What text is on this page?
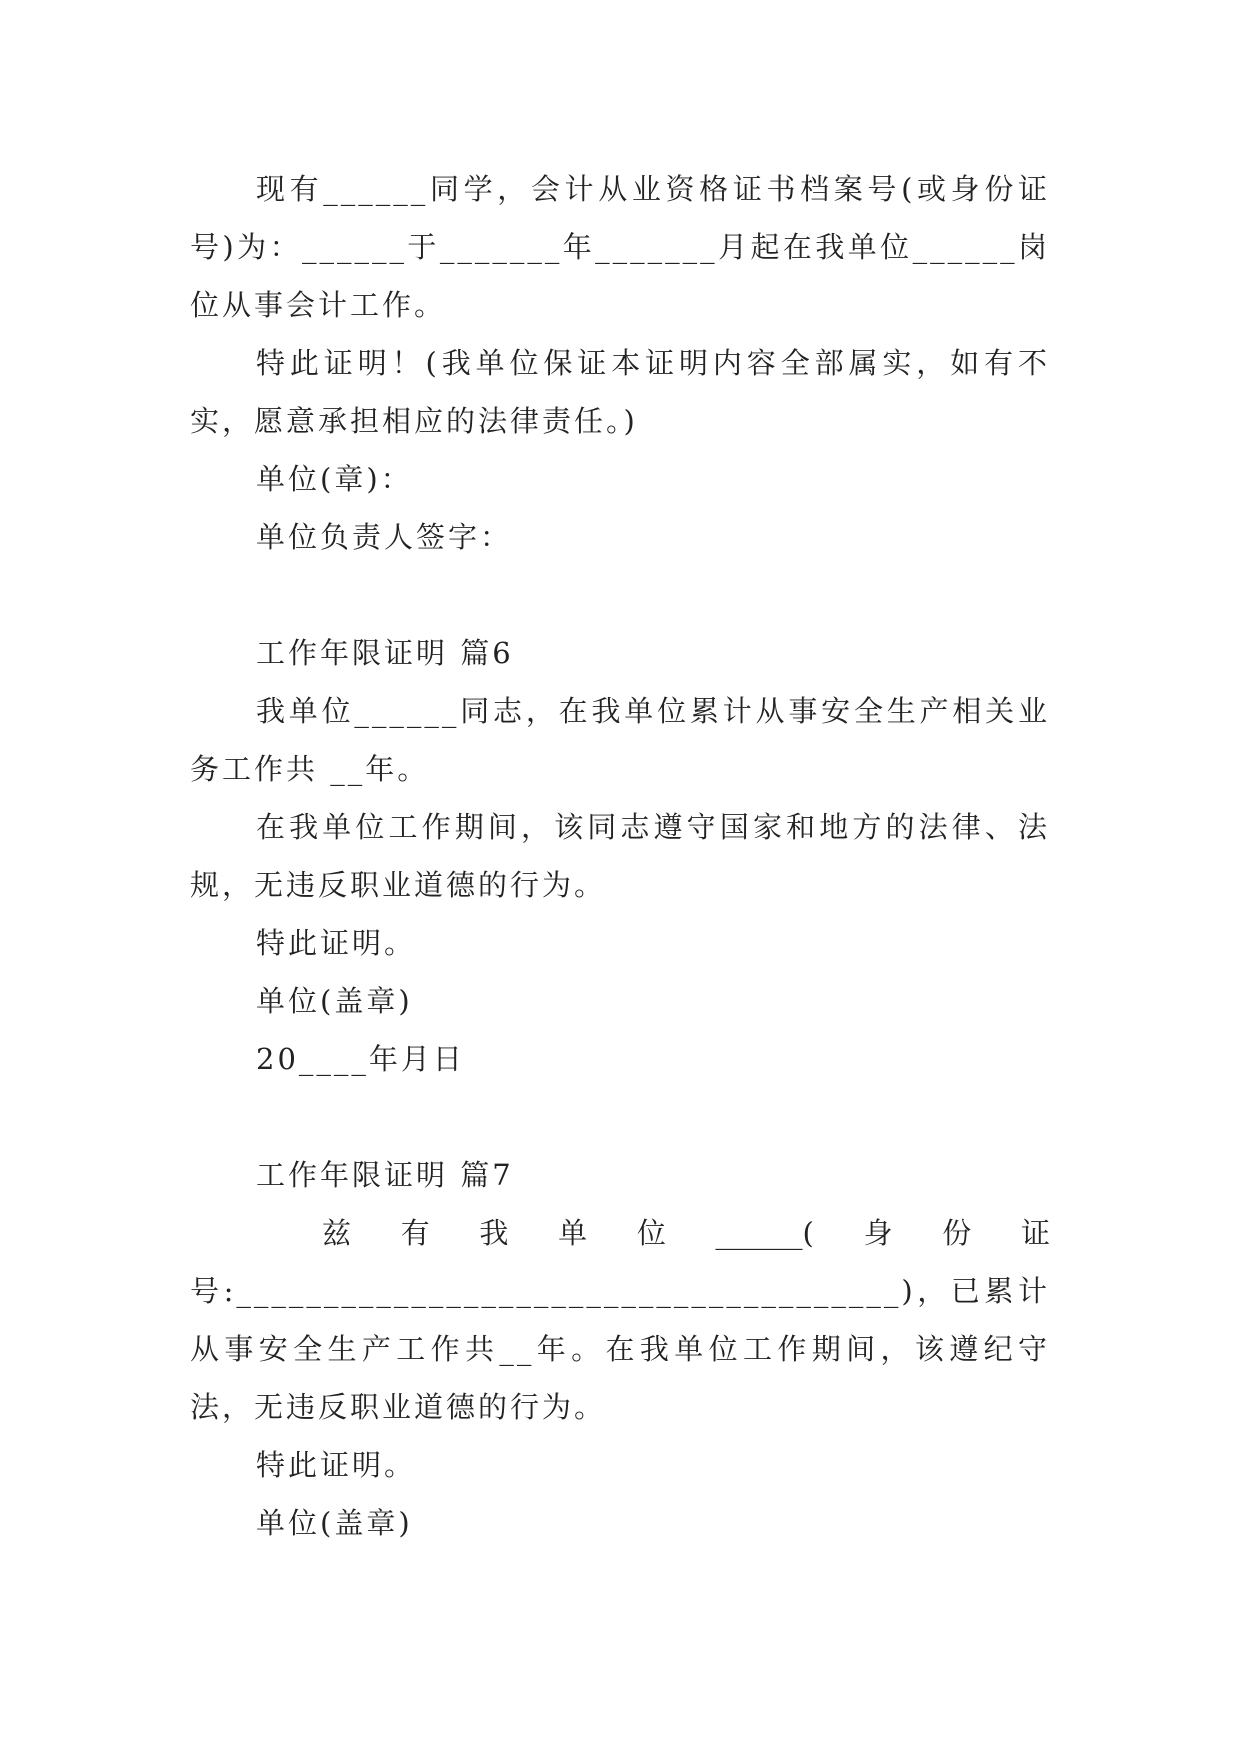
现有______同学，会计从业资格证书档案号(或身份证号)为：______于_______年_______月起在我单位______岗位从事会计工作。

特此证明！(我单位保证本证明内容全部属实，如有不实，愿意承担相应的法律责任。)

单位(章)：

单位负责人签字：

工作年限证明 篇6

我单位______同志，在我单位累计从事安全生产相关业务工作共 __年。

在我单位工作期间，该同志遵守国家和地方的法律、法规，无违反职业道德的行为。

特此证明。

单位(盖章)

20____年月日

工作年限证明 篇7

兹有我单位______(身份证

号:______________________________________)，已累计从事安全生产工作共__年。在我单位工作期间，该遵纪守法，无违反职业道德的行为。

特此证明。

单位(盖章)
